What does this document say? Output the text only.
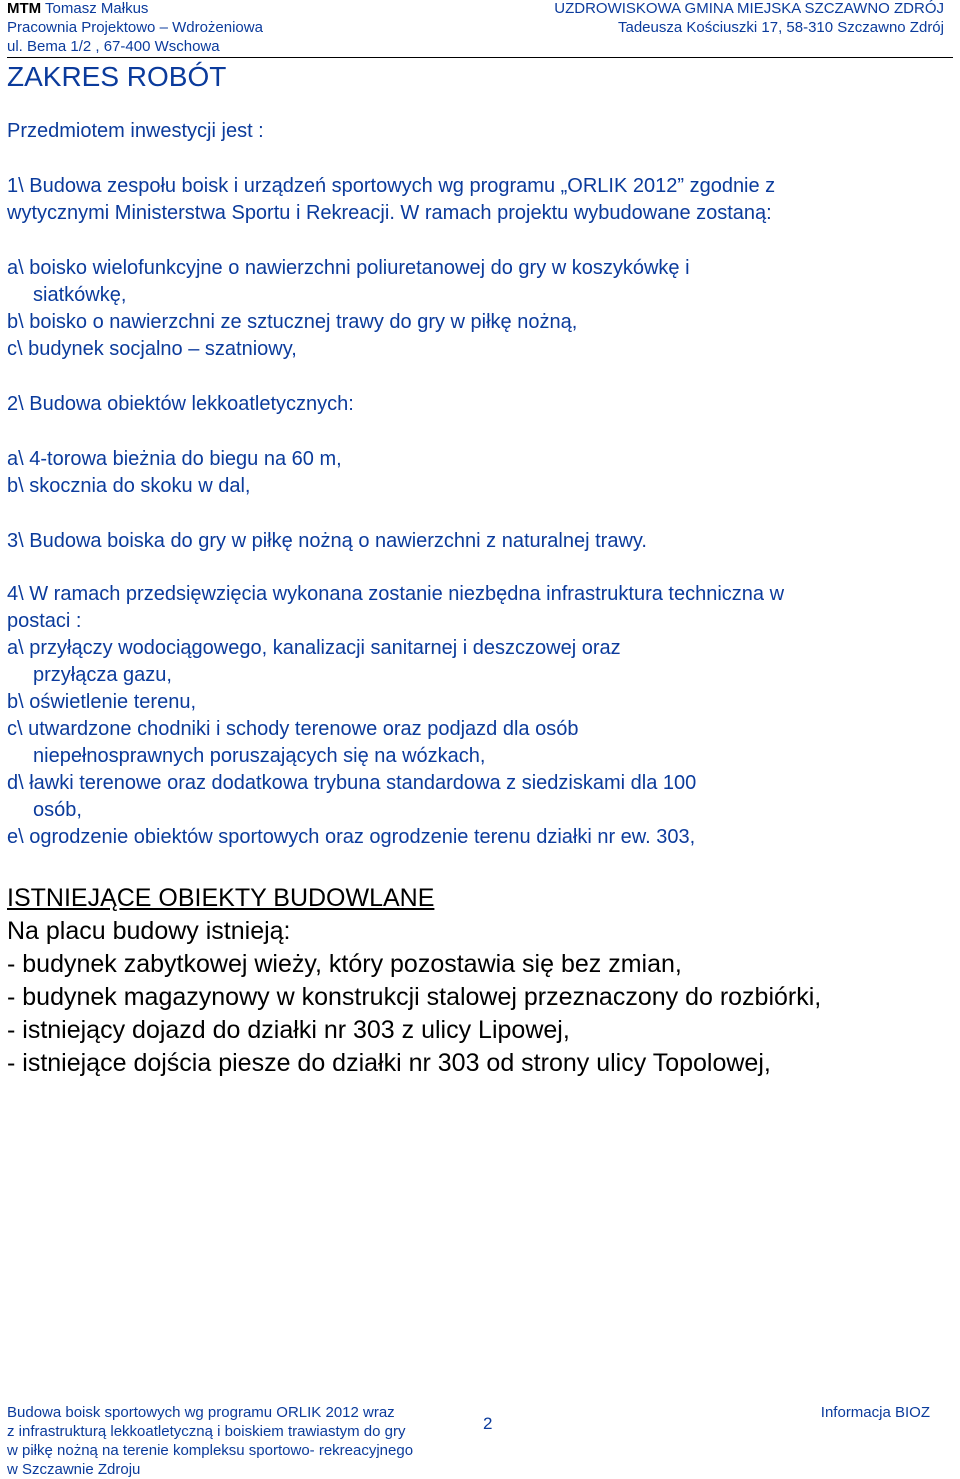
MTM Tomasz Małkus
Pracownia Projektowo – Wdrożeniowa
ul. Bema 1/2 , 67-400 Wschowa
UZDROWISKOWA GMINA MIEJSKA SZCZAWNO ZDRÓJ
Tadeusza Kościuszki 17, 58-310 Szczawno Zdrój
ZAKRES ROBÓT
Przedmiotem inwestycji jest :
1\ Budowa zespołu boisk i urządzeń sportowych wg programu „ORLIK 2012” zgodnie z
wytycznymi Ministerstwa Sportu i Rekreacji. W ramach projektu wybudowane zostaną:
a\ boisko wielofunkcyjne o nawierzchni poliuretanowej do gry w koszykówkę i
siatkówkę,
b\ boisko o nawierzchni ze sztucznej trawy do gry w piłkę nożną,
c\ budynek socjalno – szatniowy,
2\ Budowa obiektów lekkoatletycznych:
a\ 4-torowa bieżnia do biegu na 60 m,
b\ skocznia do skoku w dal,
3\ Budowa boiska do gry w piłkę nożną o nawierzchni z naturalnej trawy.
4\ W ramach przedsięwzięcia wykonana zostanie niezbędna infrastruktura techniczna w
postaci :
a\ przyłączy wodociągowego, kanalizacji sanitarnej i deszczowej oraz
przyłącza gazu,
b\ oświetlenie terenu,
c\ utwardzone chodniki i schody terenowe oraz podjazd dla osób
niepełnosprawnych poruszających się na wózkach,
d\ ławki terenowe oraz dodatkowa trybuna standardowa z siedziskami dla 100
osób,
e\ ogrodzenie obiektów sportowych oraz ogrodzenie terenu działki nr ew. 303,
ISTNIEJĄCE OBIEKTY BUDOWLANE
Na placu budowy istnieją:
- budynek zabytkowej wieży, który pozostawia się bez zmian,
- budynek magazynowy w konstrukcji stalowej przeznaczony do rozbiórki,
- istniejący dojazd do działki nr 303 z ulicy Lipowej,
- istniejące dojścia piesze do działki nr 303 od strony ulicy Topolowej,
Budowa boisk sportowych wg programu ORLIK 2012 wraz
z infrastrukturą lekkoatletyczną i boiskiem trawiastym do gry
w piłkę nożną na terenie kompleksu sportowo- rekreacyjnego
w Szczawnie Zdroju
2
Informacja BIOZ
